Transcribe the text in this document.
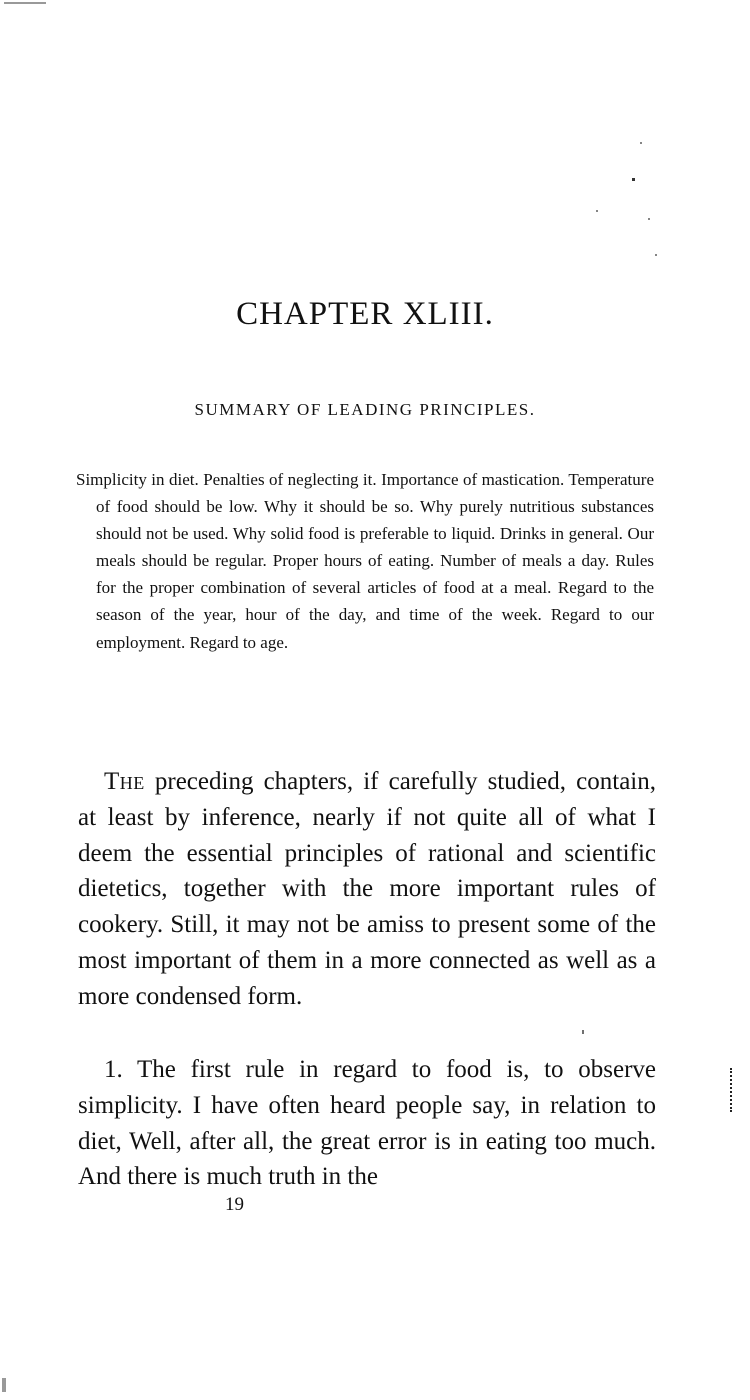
CHAPTER XLIII.
SUMMARY OF LEADING PRINCIPLES.

Simplicity in diet. Penalties of neglecting it. Importance of mastication. Temperature of food should be low. Why it should be so. Why purely nutritious substances should not be used. Why solid food is preferable to liquid. Drinks in general. Our meals should be regular. Proper hours of eating. Number of meals a day. Rules for the proper combination of several articles of food at a meal. Regard to the season of the year, hour of the day, and time of the week. Regard to our employment. Regard to age.

The preceding chapters, if carefully studied, contain, at least by inference, nearly if not quite all of what I deem the essential principles of rational and scientific dietetics, together with the more important rules of cookery. Still, it may not be amiss to present some of the most important of them in a more connected as well as a more condensed form.

1. The first rule in regard to food is, to observe simplicity. I have often heard people say, in relation to diet, Well, after all, the great error is in eating too much. And there is much truth in the

19
